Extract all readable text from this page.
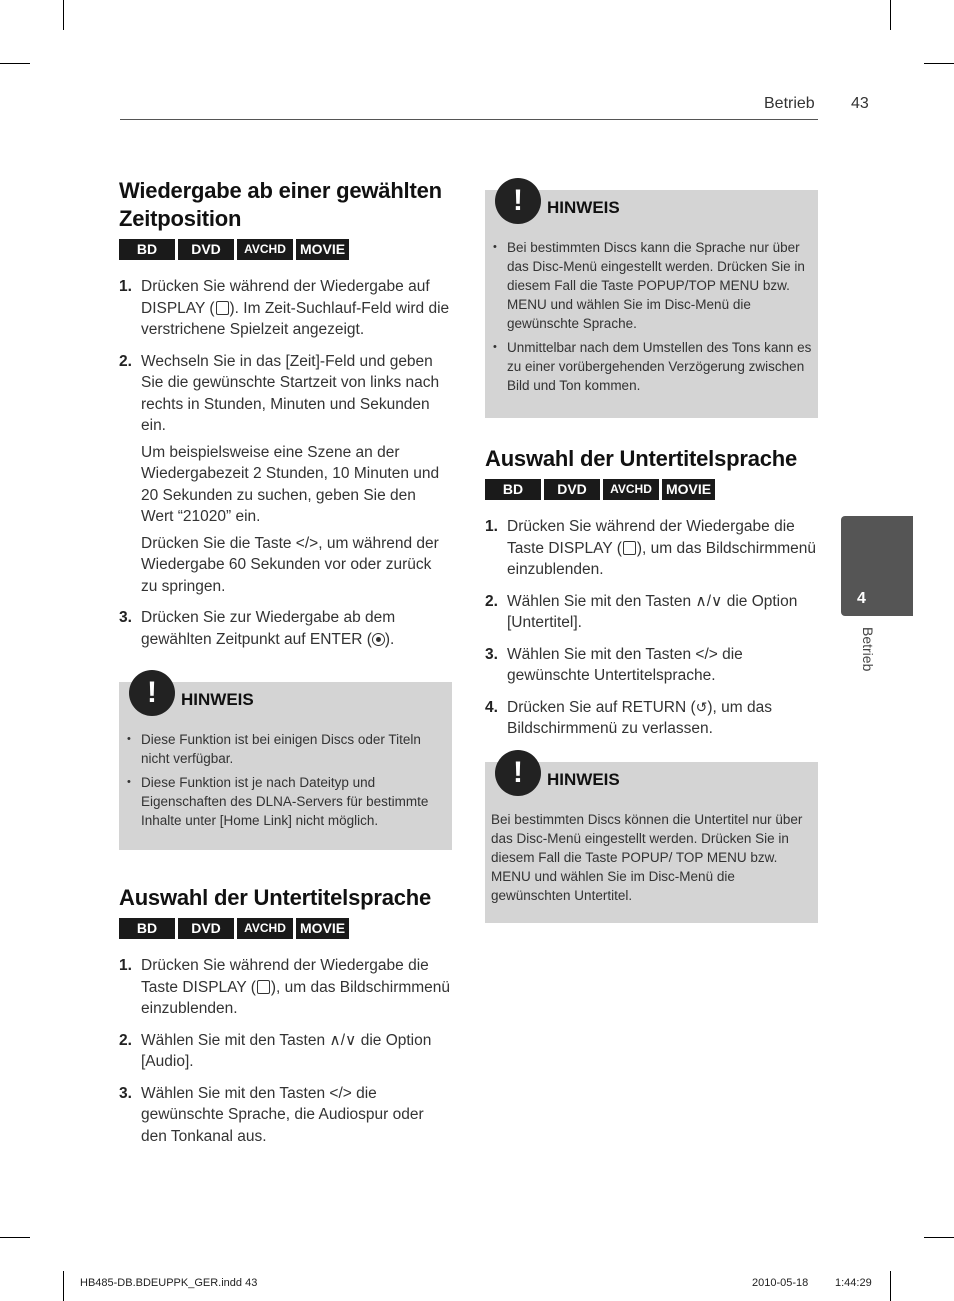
Betrieb 43
Wiedergabe ab einer gewählten Zeitposition
BD	DVD	AVCHD	MOVIE
1. Drücken Sie während der Wiedergabe auf DISPLAY ( ). Im Zeit-Suchlauf-Feld wird die verstrichene Spielzeit angezeigt.

2. Wechseln Sie in das [Zeit]-Feld und geben Sie die gewünschte Startzeit von links nach rechts in Stunden, Minuten und Sekunden ein.

Um beispielsweise eine Szene an der Wiedergabezeit 2 Stunden, 10 Minuten und 20 Sekunden zu suchen, geben Sie den Wert “21020” ein.

Drücken Sie die Taste </>, um während der Wiedergabe 60 Sekunden vor oder zurück zu springen.

3. Drücken Sie zur Wiedergabe ab dem gewählten Zeitpunkt auf ENTER ( ).

!	HINWEIS
• Diese Funktion ist bei einigen Discs oder Titeln nicht verfügbar.
• Diese Funktion ist je nach Dateityp und Eigenschaften des DLNA-Servers für bestimmte Inhalte unter [Home Link] nicht möglich.
Auswahl der Untertitelsprache
BD	DVD	AVCHD	MOVIE
1. Drücken Sie während der Wiedergabe die Taste DISPLAY ( ), um das Bildschirmmenü einzublenden.

2. Wählen Sie mit den Tasten ∧/∨ die Option [Audio].

3. Wählen Sie mit den Tasten </> die gewünschte Sprache, die Audiospur oder den Tonkanal aus.

!	HINWEIS
• Bei bestimmten Discs kann die Sprache nur über das Disc-Menü eingestellt werden. Drücken Sie in diesem Fall die Taste POPUP/TOP MENU bzw. MENU und wählen Sie im Disc-Menü die gewünschte Sprache.
• Unmittelbar nach dem Umstellen des Tons kann es zu einer vorübergehenden Verzögerung zwischen Bild und Ton kommen.
Auswahl der Untertitelsprache
BD	DVD	AVCHD	MOVIE
1. Drücken Sie während der Wiedergabe die Taste DISPLAY ( ), um das Bildschirmmenü einzublenden.

2. Wählen Sie mit den Tasten ∧/∨ die Option [Untertitel].

3. Wählen Sie mit den Tasten </> die gewünschte Untertitelsprache.

4. Drücken Sie auf RETURN (↺), um das Bildschirmmenü zu verlassen.

!	HINWEIS

Bei bestimmten Discs können die Untertitel nur über das Disc-Menü eingestellt werden. Drücken Sie in diesem Fall die Taste POPUP/ TOP MENU bzw. MENU und wählen Sie im Disc-Menü die gewünschten Untertitel.

4
Betrieb
HB485-DB.BDEUPPK_GER.indd 43	2010-05-18 1:44:29
